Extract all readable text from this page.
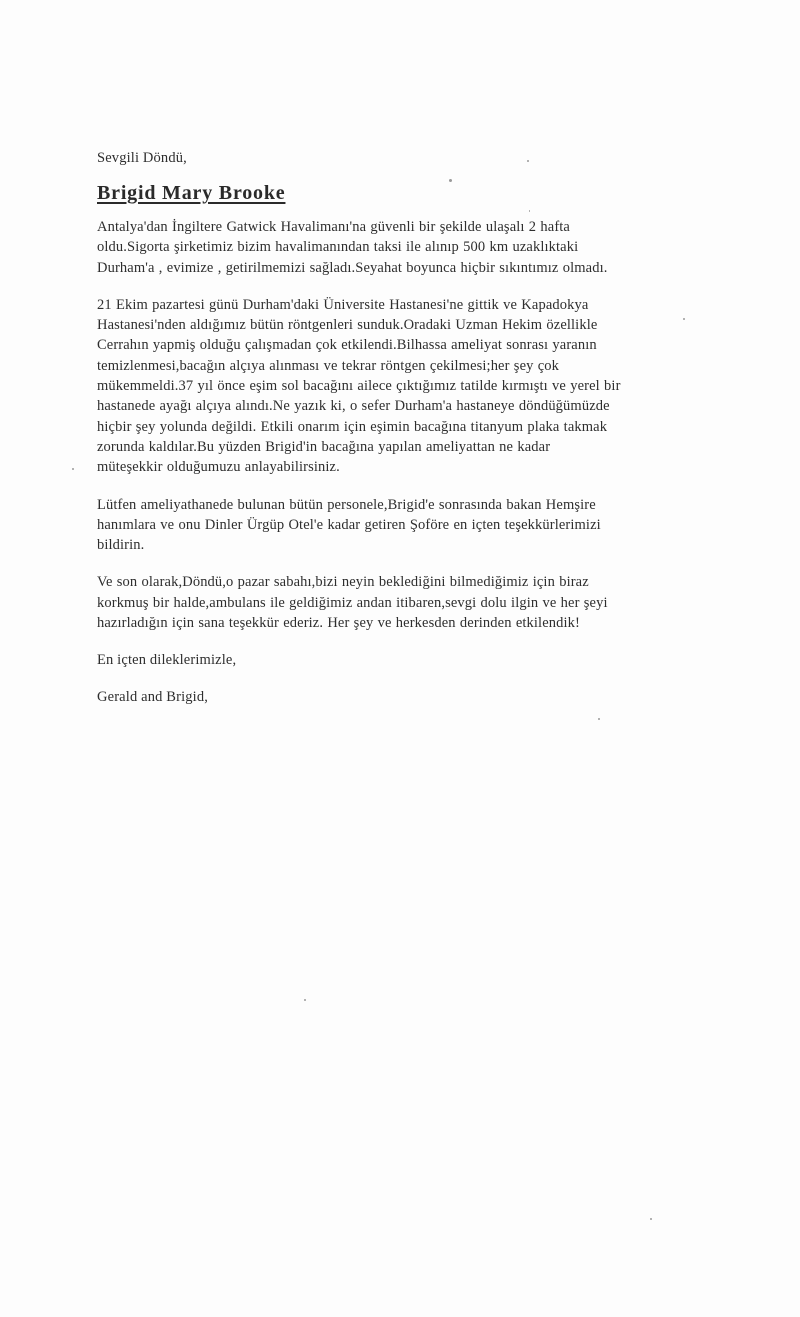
Sevgili Döndü,

Brigid Mary Brooke
Antalya'dan İngiltere Gatwick Havalimanı'na güvenli bir şekilde ulaşalı 2 hafta
oldu.Sigorta şirketimiz bizim havalimanından taksi ile alınıp 500 km uzaklıktaki
Durham'a , evimize , getirilmemizi sağladı.Seyahat boyunca hiçbir sıkıntımız olmadı.
21 Ekim pazartesi günü Durham'daki Üniversite Hastanesi'ne gittik ve Kapadokya
Hastanesi'nden aldığımız bütün röntgenleri sunduk.Oradaki Uzman Hekim özellikle
Cerrahın yapmiş olduğu çalışmadan çok etkilendi.Bilhassa ameliyat sonrası yaranın
temizlenmesi,bacağın alçıya alınması ve tekrar röntgen çekilmesi;her şey çok
mükemmeldi.37 yıl önce eşim sol bacağını ailece çıktığımız tatilde kırmıştı ve yerel bir
hastanede ayağı alçıya alındı.Ne yazık ki, o sefer Durham'a hastaneye döndüğümüzde
hiçbir şey yolunda değildi. Etkili onarım için eşimin bacağına titanyum plaka takmak
zorunda kaldılar.Bu yüzden Brigid'in bacağına yapılan ameliyattan ne kadar
müteşekkir olduğumuzu anlayabilirsiniz.
Lütfen ameliyathanede bulunan bütün personele,Brigid'e sonrasında bakan Hemşire
hanımlara ve onu Dinler Ürgüp Otel'e kadar getiren Şoföre en içten teşekkürlerimizi
bildirin.
Ve son olarak,Döndü,o pazar sabahı,bizi neyin beklediğini bilmediğimiz için biraz
korkmuş bir halde,ambulans ile geldiğimiz andan itibaren,sevgi dolu ilgin ve her şeyi
hazırladığın için sana teşekkür ederiz. Her şey ve herkesden derinden etkilendik!

En içten dileklerimizle,

Gerald and Brigid,
